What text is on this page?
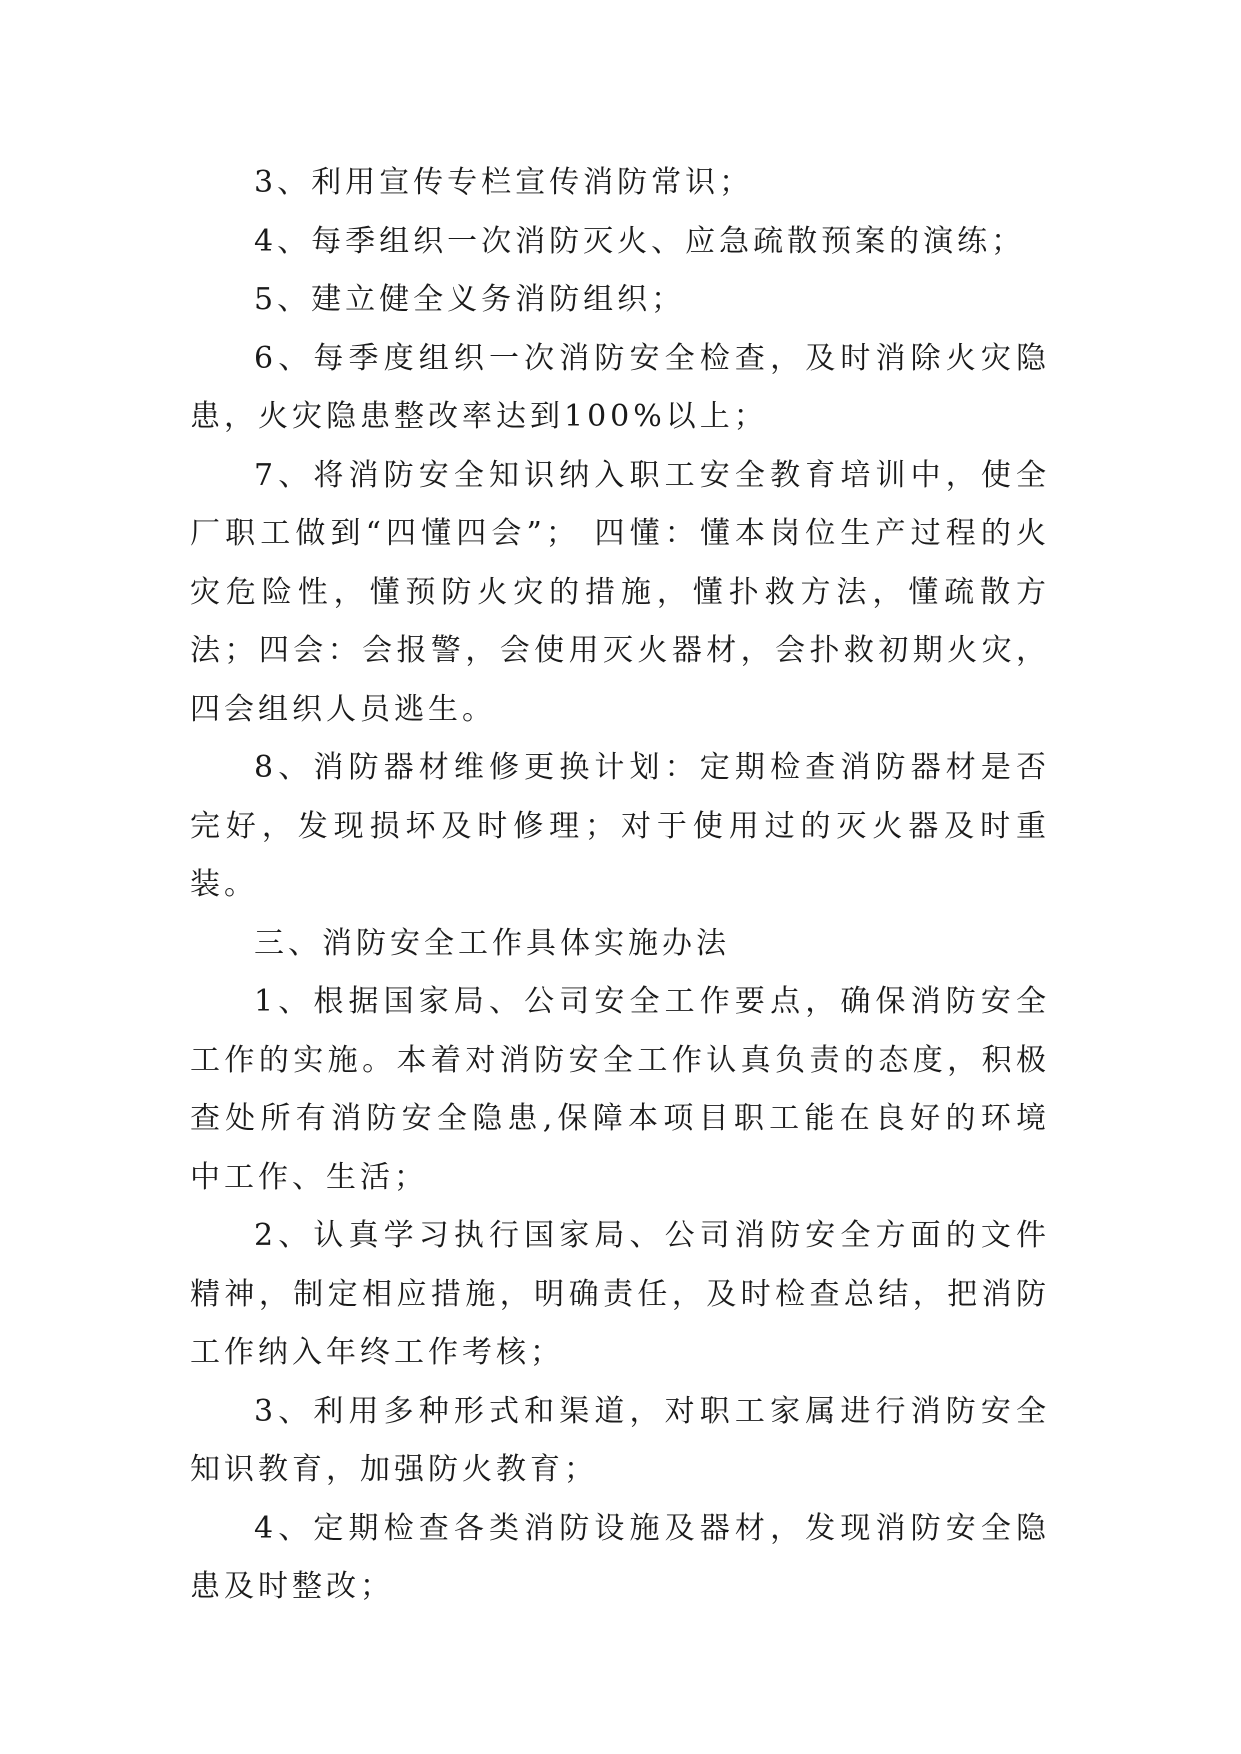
3、利用宣传专栏宣传消防常识；

4、每季组织一次消防灭火、应急疏散预案的演练；

5、建立健全义务消防组织；

6、每季度组织一次消防安全检查，及时消除火灾隐患，火灾隐患整改率达到100%以上；

7、将消防安全知识纳入职工安全教育培训中，使全厂职工做到“四懂四会”； 四懂：懂本岗位生产过程的火灾危险性，懂预防火灾的措施，懂扑救方法，懂疏散方法；四会：会报警，会使用灭火器材，会扑救初期火灾，四会组织人员逃生。

8、消防器材维修更换计划：定期检查消防器材是否完好，发现损坏及时修理；对于使用过的灭火器及时重装。

三、消防安全工作具体实施办法

1、根据国家局、公司安全工作要点，确保消防安全工作的实施。本着对消防安全工作认真负责的态度，积极查处所有消防安全隐患,保障本项目职工能在良好的环境中工作、生活；

2、认真学习执行国家局、公司消防安全方面的文件精神，制定相应措施，明确责任，及时检查总结，把消防工作纳入年终工作考核；

3、利用多种形式和渠道，对职工家属进行消防安全知识教育，加强防火教育；

4、定期检查各类消防设施及器材，发现消防安全隐患及时整改；
